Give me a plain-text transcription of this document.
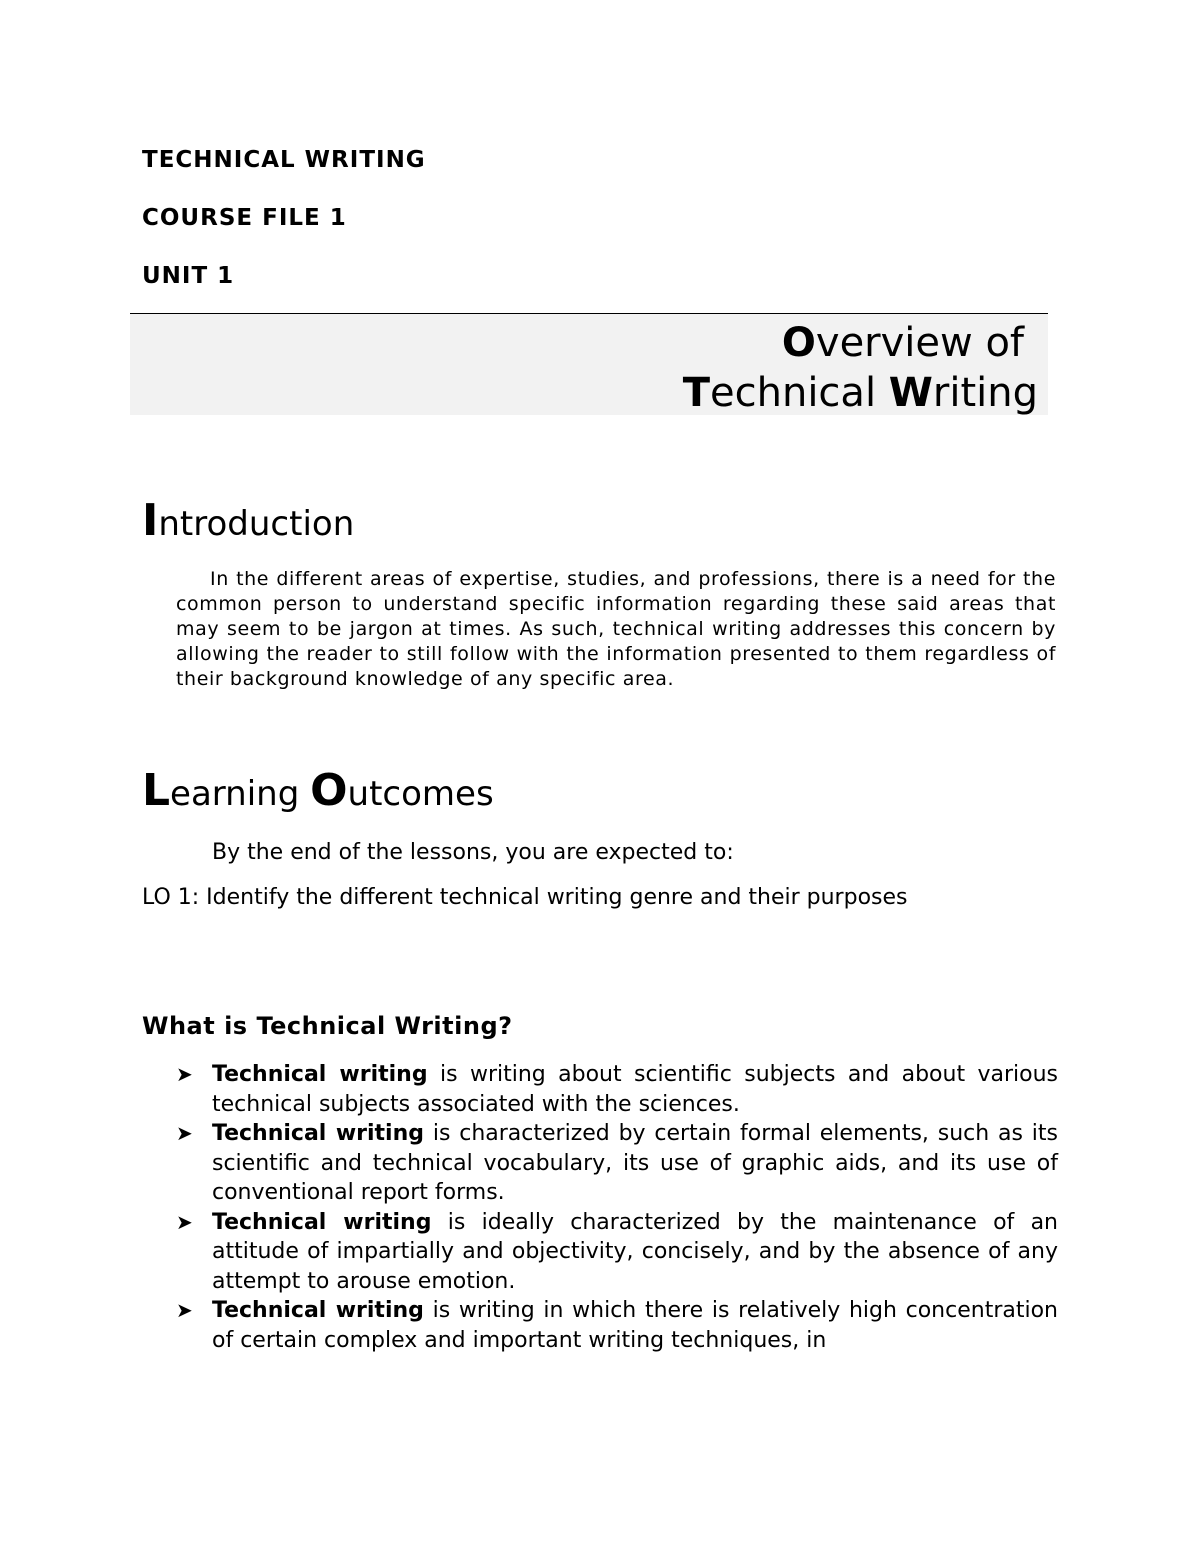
TECHNICAL WRITING

COURSE FILE 1

UNIT 1

Overview of
Technical Writing
Introduction

In the different areas of expertise, studies, and professions, there is a need for the common person to understand specific information regarding these said areas that may seem to be jargon at times. As such, technical writing addresses this concern by allowing the reader to still follow with the information presented to them regardless of their background knowledge of any specific area.

Learning Outcomes

By the end of the lessons, you are expected to:

LO 1: Identify the different technical writing genre and their purposes

What is Technical Writing?
➤ Technical writing is writing about scientific subjects and about various technical subjects associated with the sciences.
➤ Technical writing is characterized by certain formal elements, such as its scientific and technical vocabulary, its use of graphic aids, and its use of conventional report forms.
➤ Technical writing is ideally characterized by the maintenance of an attitude of impartially and objectivity, concisely, and by the absence of any attempt to arouse emotion.
➤ Technical writing is writing in which there is relatively high concentration of certain complex and important writing techniques, in
